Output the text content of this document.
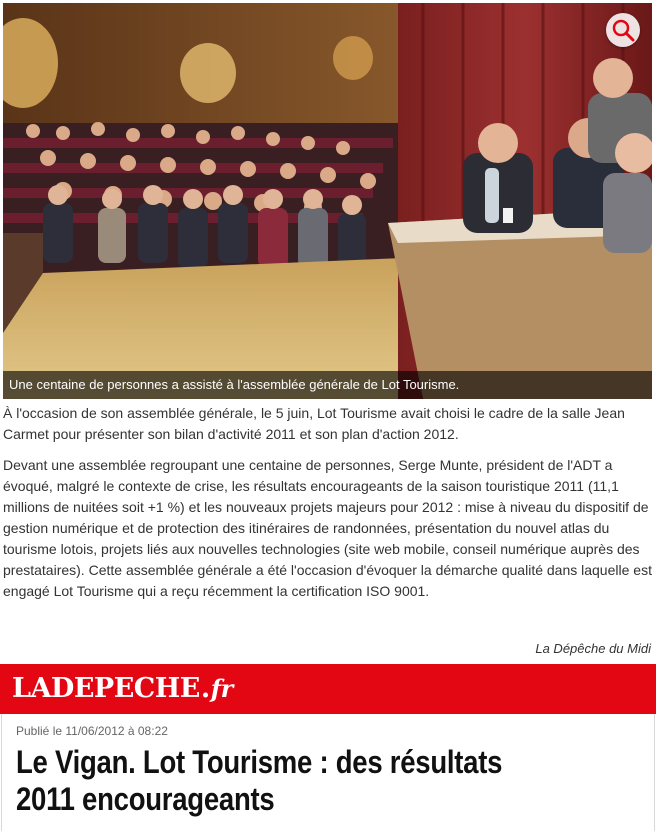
Une centaine de personnes a assisté à l'assemblée générale de Lot Tourisme.

À l'occasion de son assemblée générale, le 5 juin, Lot Tourisme avait choisi le cadre de la salle Jean Carmet pour présenter son bilan d'activité 2011 et son plan d'action 2012.

Devant une assemblée regroupant une centaine de personnes, Serge Munte, président de l'ADT a évoqué, malgré le contexte de crise, les résultats encourageants de la saison touristique 2011 (11,1 millions de nuitées soit +1 %) et les nouveaux projets majeurs pour 2012 : mise à niveau du dispositif de gestion numérique et de protection des itinéraires de randonnées, présentation du nouvel atlas du tourisme lotois, projets liés aux nouvelles technologies (site web mobile, conseil numérique auprès des prestataires). Cette assemblée générale a été l'occasion d'évoquer la démarche qualité dans laquelle est engagé Lot Tourisme qui a reçu récemment la certification ISO 9001.

La Dépêche du Midi
LADEPECHE.fr
Publié le 11/06/2012 à 08:22
Le Vigan. Lot Tourisme : des résultats 2011 encourageants
